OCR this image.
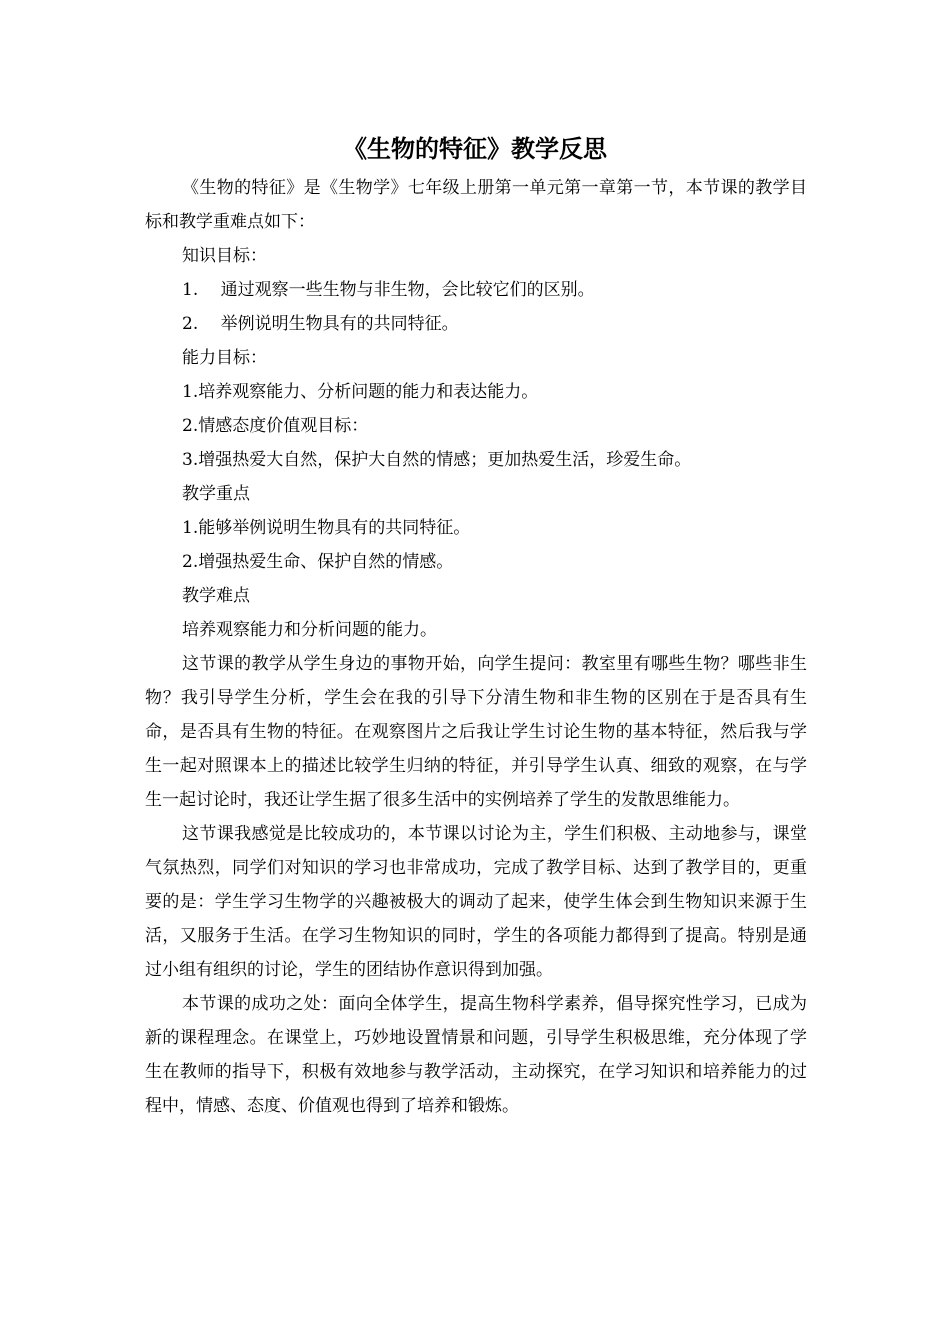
《生物的特征》教学反思

《生物的特征》是《生物学》七年级上册第一单元第一章第一节，本节课的教学目标和教学重难点如下：

知识目标：

1.　 通过观察一些生物与非生物，会比较它们的区别。

2.　 举例说明生物具有的共同特征。

能力目标：

1.培养观察能力、分析问题的能力和表达能力。

2.情感态度价值观目标：

3.增强热爱大自然，保护大自然的情感；更加热爱生活，珍爱生命。

教学重点

1.能够举例说明生物具有的共同特征。

2.增强热爱生命、保护自然的情感。

教学难点

培养观察能力和分析问题的能力。

这节课的教学从学生身边的事物开始，向学生提问：教室里有哪些生物？哪些非生物？我引导学生分析，学生会在我的引导下分清生物和非生物的区别在于是否具有生命，是否具有生物的特征。在观察图片之后我让学生讨论生物的基本特征，然后我与学生一起对照课本上的描述比较学生归纳的特征，并引导学生认真、细致的观察，在与学生一起讨论时，我还让学生据了很多生活中的实例培养了学生的发散思维能力。

这节课我感觉是比较成功的，本节课以讨论为主，学生们积极、主动地参与，课堂气氛热烈，同学们对知识的学习也非常成功，完成了教学目标、达到了教学目的，更重要的是：学生学习生物学的兴趣被极大的调动了起来，使学生体会到生物知识来源于生活，又服务于生活。在学习生物知识的同时，学生的各项能力都得到了提高。特别是通过小组有组织的讨论，学生的团结协作意识得到加强。

本节课的成功之处：面向全体学生，提高生物科学素养，倡导探究性学习，已成为新的课程理念。在课堂上，巧妙地设置情景和问题，引导学生积极思维，充分体现了学生在教师的指导下，积极有效地参与教学活动，主动探究，在学习知识和培养能力的过程中，情感、态度、价值观也得到了培养和锻炼。
